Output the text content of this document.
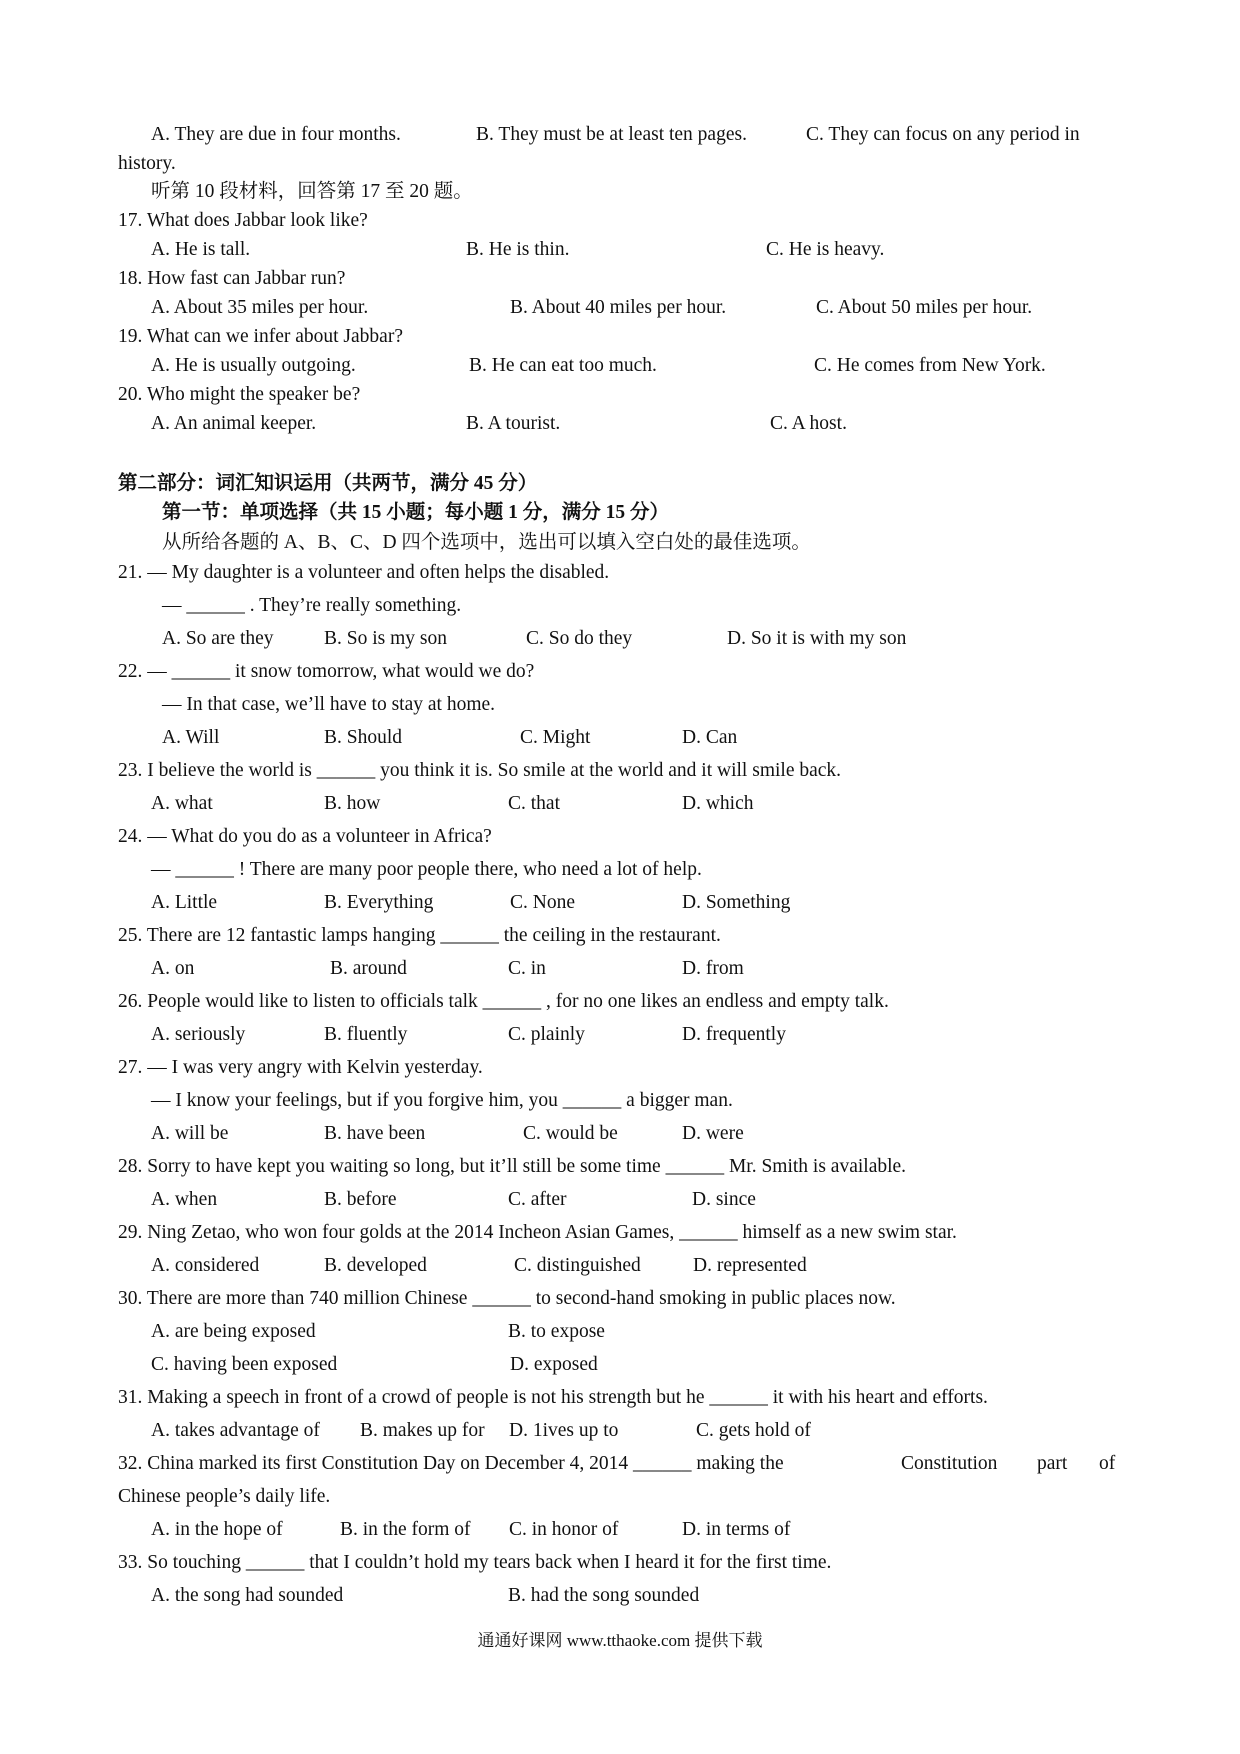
A. They are due in four months.	B. They must be at least ten pages.	C. They can focus on any period in
history.
听第 10 段材料，回答第 17 至 20 题。
17. What does Jabbar look like?
A. He is tall.	B. He is thin.	C. He is heavy.
18. How fast can Jabbar run?
A. About 35 miles per hour.	B. About 40 miles per hour.	C. About 50 miles per hour.
19. What can we infer about Jabbar?
A. He is usually outgoing.	B. He can eat too much.	C. He comes from New York.
20. Who might the speaker be?
A. An animal keeper.	B. A tourist.	C. A host.
第二部分：词汇知识运用（共两节，满分 45 分）
第一节：单项选择（共 15 小题；每小题 1 分，满分 15 分）
从所给各题的 A、B、C、D 四个选项中，选出可以填入空白处的最佳选项。
21. — My daughter is a volunteer and often helps the disabled.
— ______ . They’re really something.
A. So are they	B. So is my son	C. So do they	D. So it is with my son
22. — ______ it snow tomorrow, what would we do?
— In that case, we’ll have to stay at home.
A. Will	B. Should	C. Might	D. Can
23. I believe the world is ______ you think it is. So smile at the world and it will smile back.
A. what	B. how	C. that	D. which
24. — What do you do as a volunteer in Africa?
— ______ ! There are many poor people there, who need a lot of help.
A. Little	B. Everything	C. None	D. Something
25. There are 12 fantastic lamps hanging ______ the ceiling in the restaurant.
A. on	B. around	C. in	D. from
26. People would like to listen to officials talk ______ , for no one likes an endless and empty talk.
A. seriously	B. fluently	C. plainly	D. frequently
27. — I was very angry with Kelvin yesterday.
— I know your feelings, but if you forgive him, you ______ a bigger man.
A. will be	B. have been	C. would be	D. were
28. Sorry to have kept you waiting so long, but it’ll still be some time ______ Mr. Smith is available.
A. when	B. before	C. after	D. since
29. Ning Zetao, who won four golds at the 2014 Incheon Asian Games, ______ himself as a new swim star.
A. considered	B. developed	C. distinguished	D. represented
30. There are more than 740 million Chinese ______ to second-hand smoking in public places now.
A. are being exposed	B. to expose
C. having been exposed	D. exposed
31. Making a speech in front of a crowd of people is not his strength but he ______ it with his heart and efforts.
A. takes advantage of B. makes up for D. 1ives up to	C. gets hold of
32. China marked its first Constitution Day on December 4, 2014 ______ making the	Constitution part of
Chinese people’s daily life.
A. in the hope of	B. in the form of C. in honor of	D. in terms of
33. So touching ______ that I couldn’t hold my tears back when I heard it for the first time.
A. the song had sounded	B. had the song sounded
通通好课网 www.tthaoke.com 提供下载
